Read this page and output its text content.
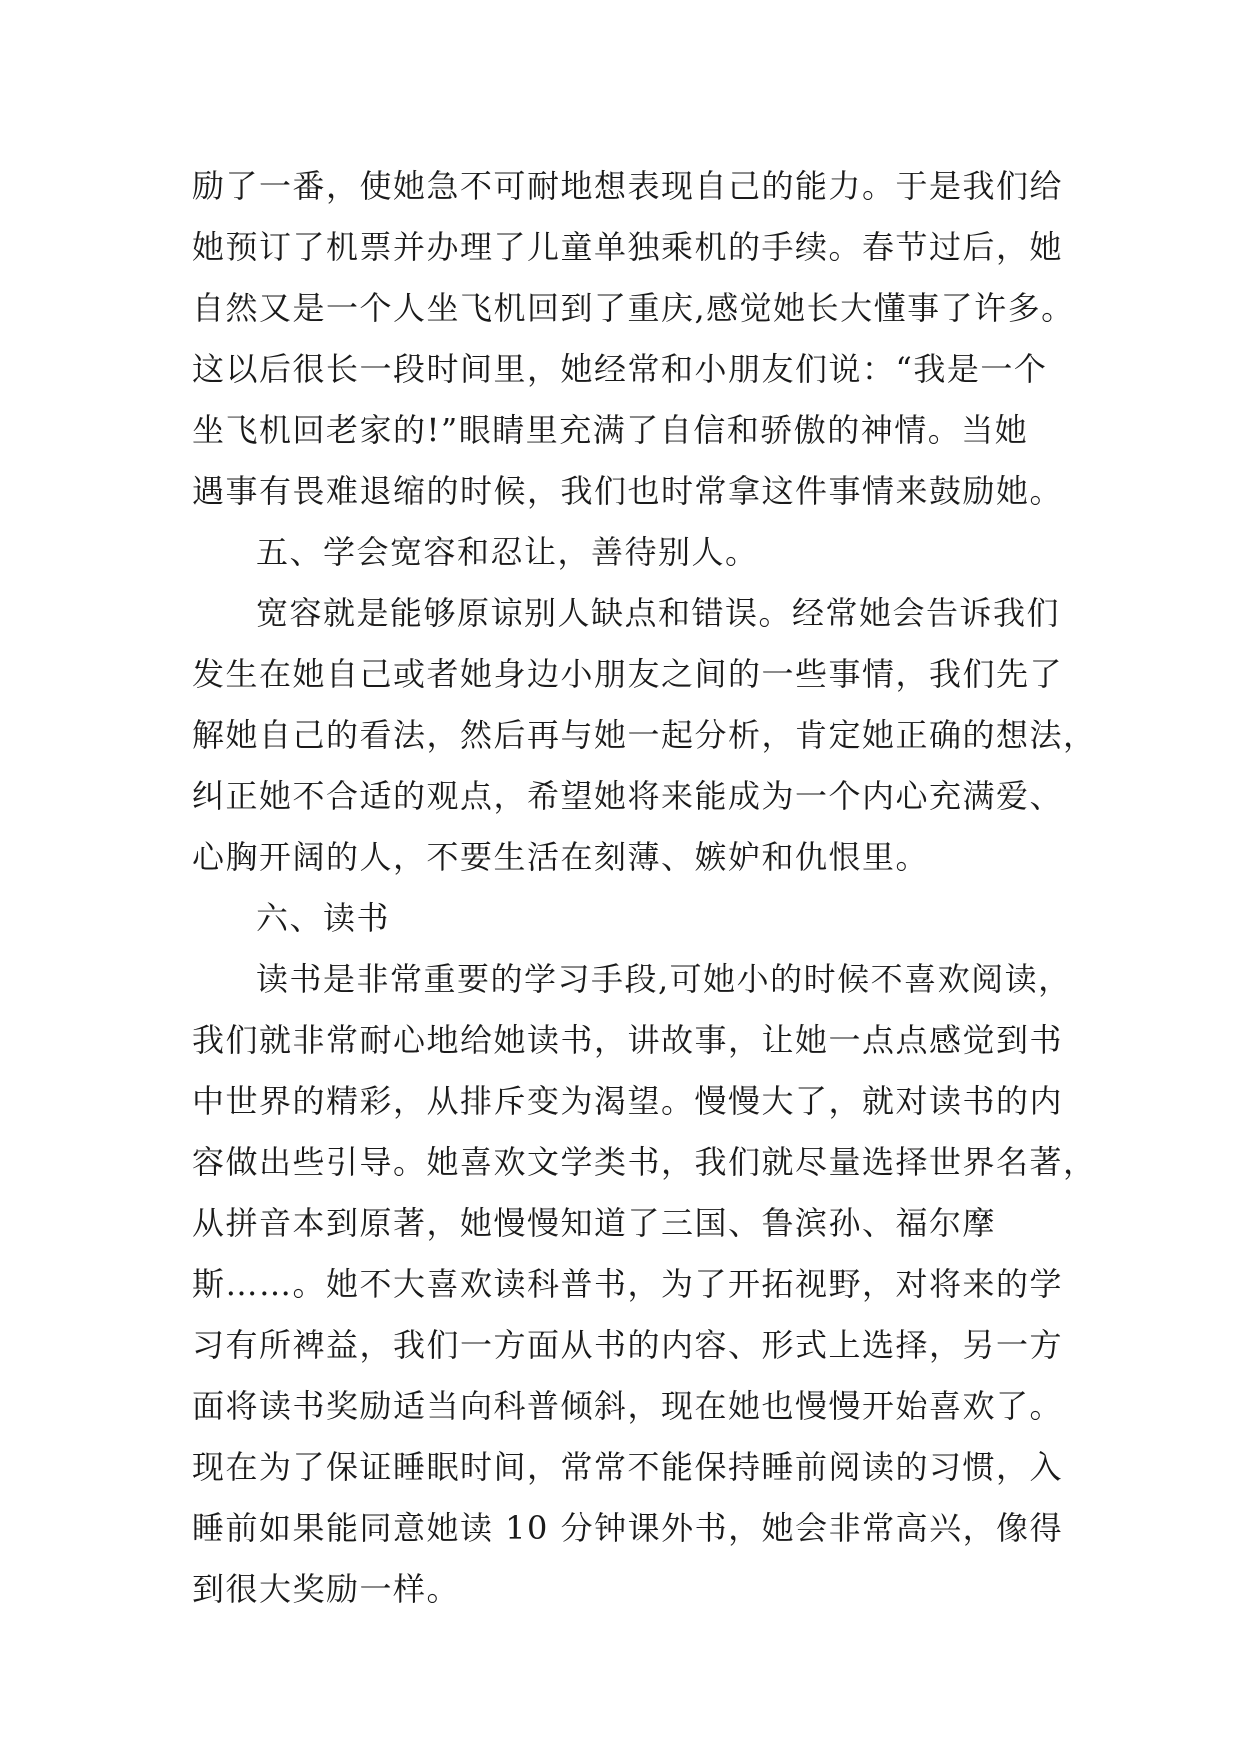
励了一番，使她急不可耐地想表现自己的能力。于是我们给
她预订了机票并办理了儿童单独乘机的手续。春节过后，她
自然又是一个人坐飞机回到了重庆,感觉她长大懂事了许多。
这以后很长一段时间里，她经常和小朋友们说：“我是一个
坐飞机回老家的!”眼睛里充满了自信和骄傲的神情。当她
遇事有畏难退缩的时候，我们也时常拿这件事情来鼓励她。
五、学会宽容和忍让，善待别人。
宽容就是能够原谅别人缺点和错误。经常她会告诉我们
发生在她自己或者她身边小朋友之间的一些事情，我们先了
解她自己的看法，然后再与她一起分析，肯定她正确的想法，
纠正她不合适的观点，希望她将来能成为一个内心充满爱、
心胸开阔的人，不要生活在刻薄、嫉妒和仇恨里。
六、读书
读书是非常重要的学习手段,可她小的时候不喜欢阅读，
我们就非常耐心地给她读书，讲故事，让她一点点感觉到书
中世界的精彩，从排斥变为渴望。慢慢大了，就对读书的内
容做出些引导。她喜欢文学类书，我们就尽量选择世界名著，
从拼音本到原著，她慢慢知道了三国、鲁滨孙、福尔摩
斯……。她不大喜欢读科普书，为了开拓视野，对将来的学
习有所裨益，我们一方面从书的内容、形式上选择，另一方
面将读书奖励适当向科普倾斜，现在她也慢慢开始喜欢了。
现在为了保证睡眠时间，常常不能保持睡前阅读的习惯，入
睡前如果能同意她读 10 分钟课外书，她会非常高兴，像得
到很大奖励一样。
